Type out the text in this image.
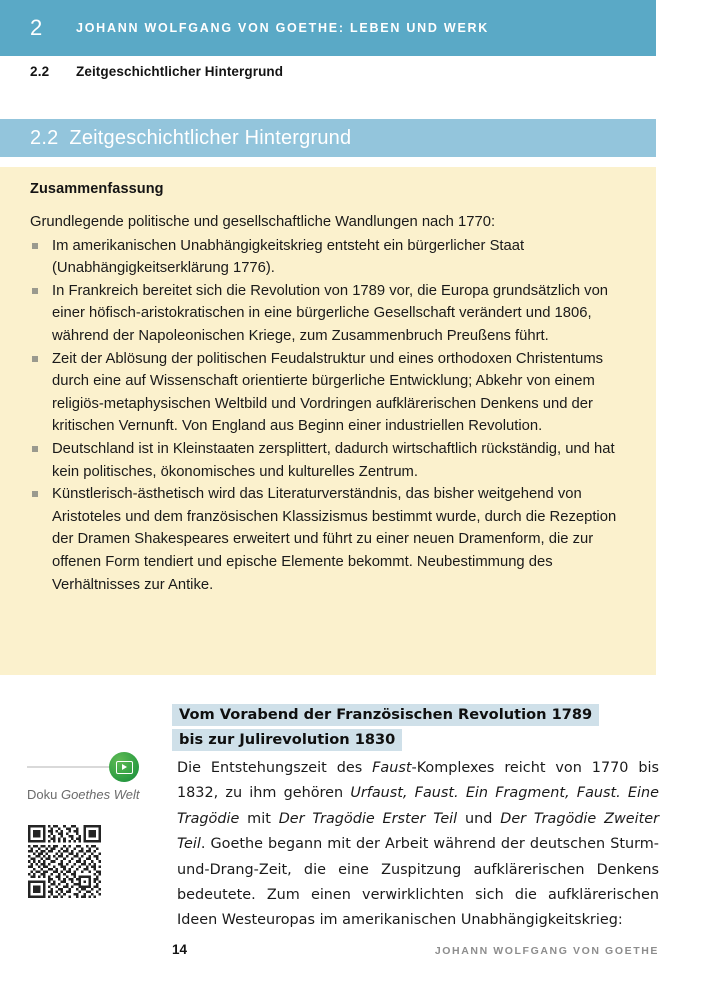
2	JOHANN WOLFGANG VON GOETHE: LEBEN UND WERK
2.2	Zeitgeschichtlicher Hintergrund
2.2 Zeitgeschichtlicher Hintergrund
Zusammenfassung

Grundlegende politische und gesellschaftliche Wandlungen nach 1770:

Im amerikanischen Unabhängigkeitskrieg entsteht ein bürgerlicher Staat (Unabhängigkeitserklärung 1776).
In Frankreich bereitet sich die Revolution von 1789 vor, die Europa grundsätzlich von einer höfisch-aristokratischen in eine bürgerliche Gesellschaft verändert und 1806, während der Napoleonischen Kriege, zum Zusammenbruch Preußens führt.
Zeit der Ablösung der politischen Feudalstruktur und eines orthodoxen Christentums durch eine auf Wissenschaft orientierte bürgerliche Entwicklung; Abkehr von einem religiös-metaphysischen Weltbild und Vordringen aufklärerischen Denkens und der kritischen Vernunft. Von England aus Beginn einer industriellen Revolution.
Deutschland ist in Kleinstaaten zersplittert, dadurch wirtschaftlich rückständig, und hat kein politisches, ökonomisches und kulturelles Zentrum.
Künstlerisch-ästhetisch wird das Literaturverständnis, das bisher weitgehend von Aristoteles und dem französischen Klassizismus bestimmt wurde, durch die Rezeption der Dramen Shakespeares erweitert und führt zu einer neuen Dramenform, die zur offenen Form tendiert und epische Elemente bekommt. Neubestimmung des Verhältnisses zur Antike.
Doku Goethes Welt
Vom Vorabend der Französischen Revolution 1789
bis zur Julirevolution 1830

Die Entstehungszeit des Faust-Komplexes reicht von 1770 bis 1832, zu ihm gehören Urfaust, Faust. Ein Fragment, Faust. Eine Tragödie mit Der Tragödie Erster Teil und Der Tragödie Zweiter Teil. Goethe begann mit der Arbeit während der deutschen Sturm-und-Drang-Zeit, die eine Zuspitzung aufklärerischen Denkens bedeutete. Zum einen verwirklichten sich die aufklärerischen Ideen Westeuropas im amerikanischen Unabhängigkeitskrieg:

14	JOHANN WOLFGANG VON GOETHE
